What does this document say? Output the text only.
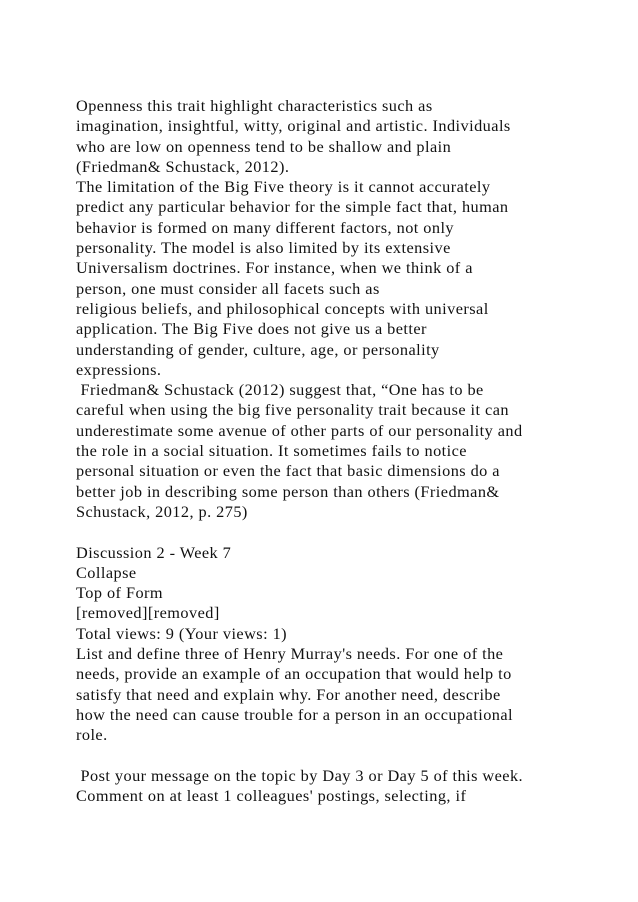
Openness this trait highlight characteristics such as
imagination, insightful, witty, original and artistic. Individuals
who are low on openness tend to be shallow and plain
(Friedman& Schustack, 2012).
The limitation of the Big Five theory is it cannot accurately
predict any particular behavior for the simple fact that, human
behavior is formed on many different factors, not only
personality. The model is also limited by its extensive
Universalism doctrines. For instance, when we think of a
person, one must consider all facets such as
religious beliefs, and philosophical concepts with universal
application. The Big Five does not give us a better
understanding of gender, culture, age, or personality
expressions.
Friedman& Schustack (2012) suggest that, “One has to be
careful when using the big five personality trait because it can
underestimate some avenue of other parts of our personality and
the role in a social situation. It sometimes fails to notice
personal situation or even the fact that basic dimensions do a
better job in describing some person than others (Friedman&
Schustack, 2012, p. 275)
Discussion 2 - Week 7
Collapse
Top of Form
[removed][removed]
Total views: 9 (Your views: 1)
List and define three of Henry Murray's needs. For one of the
needs, provide an example of an occupation that would help to
satisfy that need and explain why. For another need, describe
how the need can cause trouble for a person in an occupational
role.
Post your message on the topic by Day 3 or Day 5 of this week.
Comment on at least 1 colleagues' postings, selecting, if
